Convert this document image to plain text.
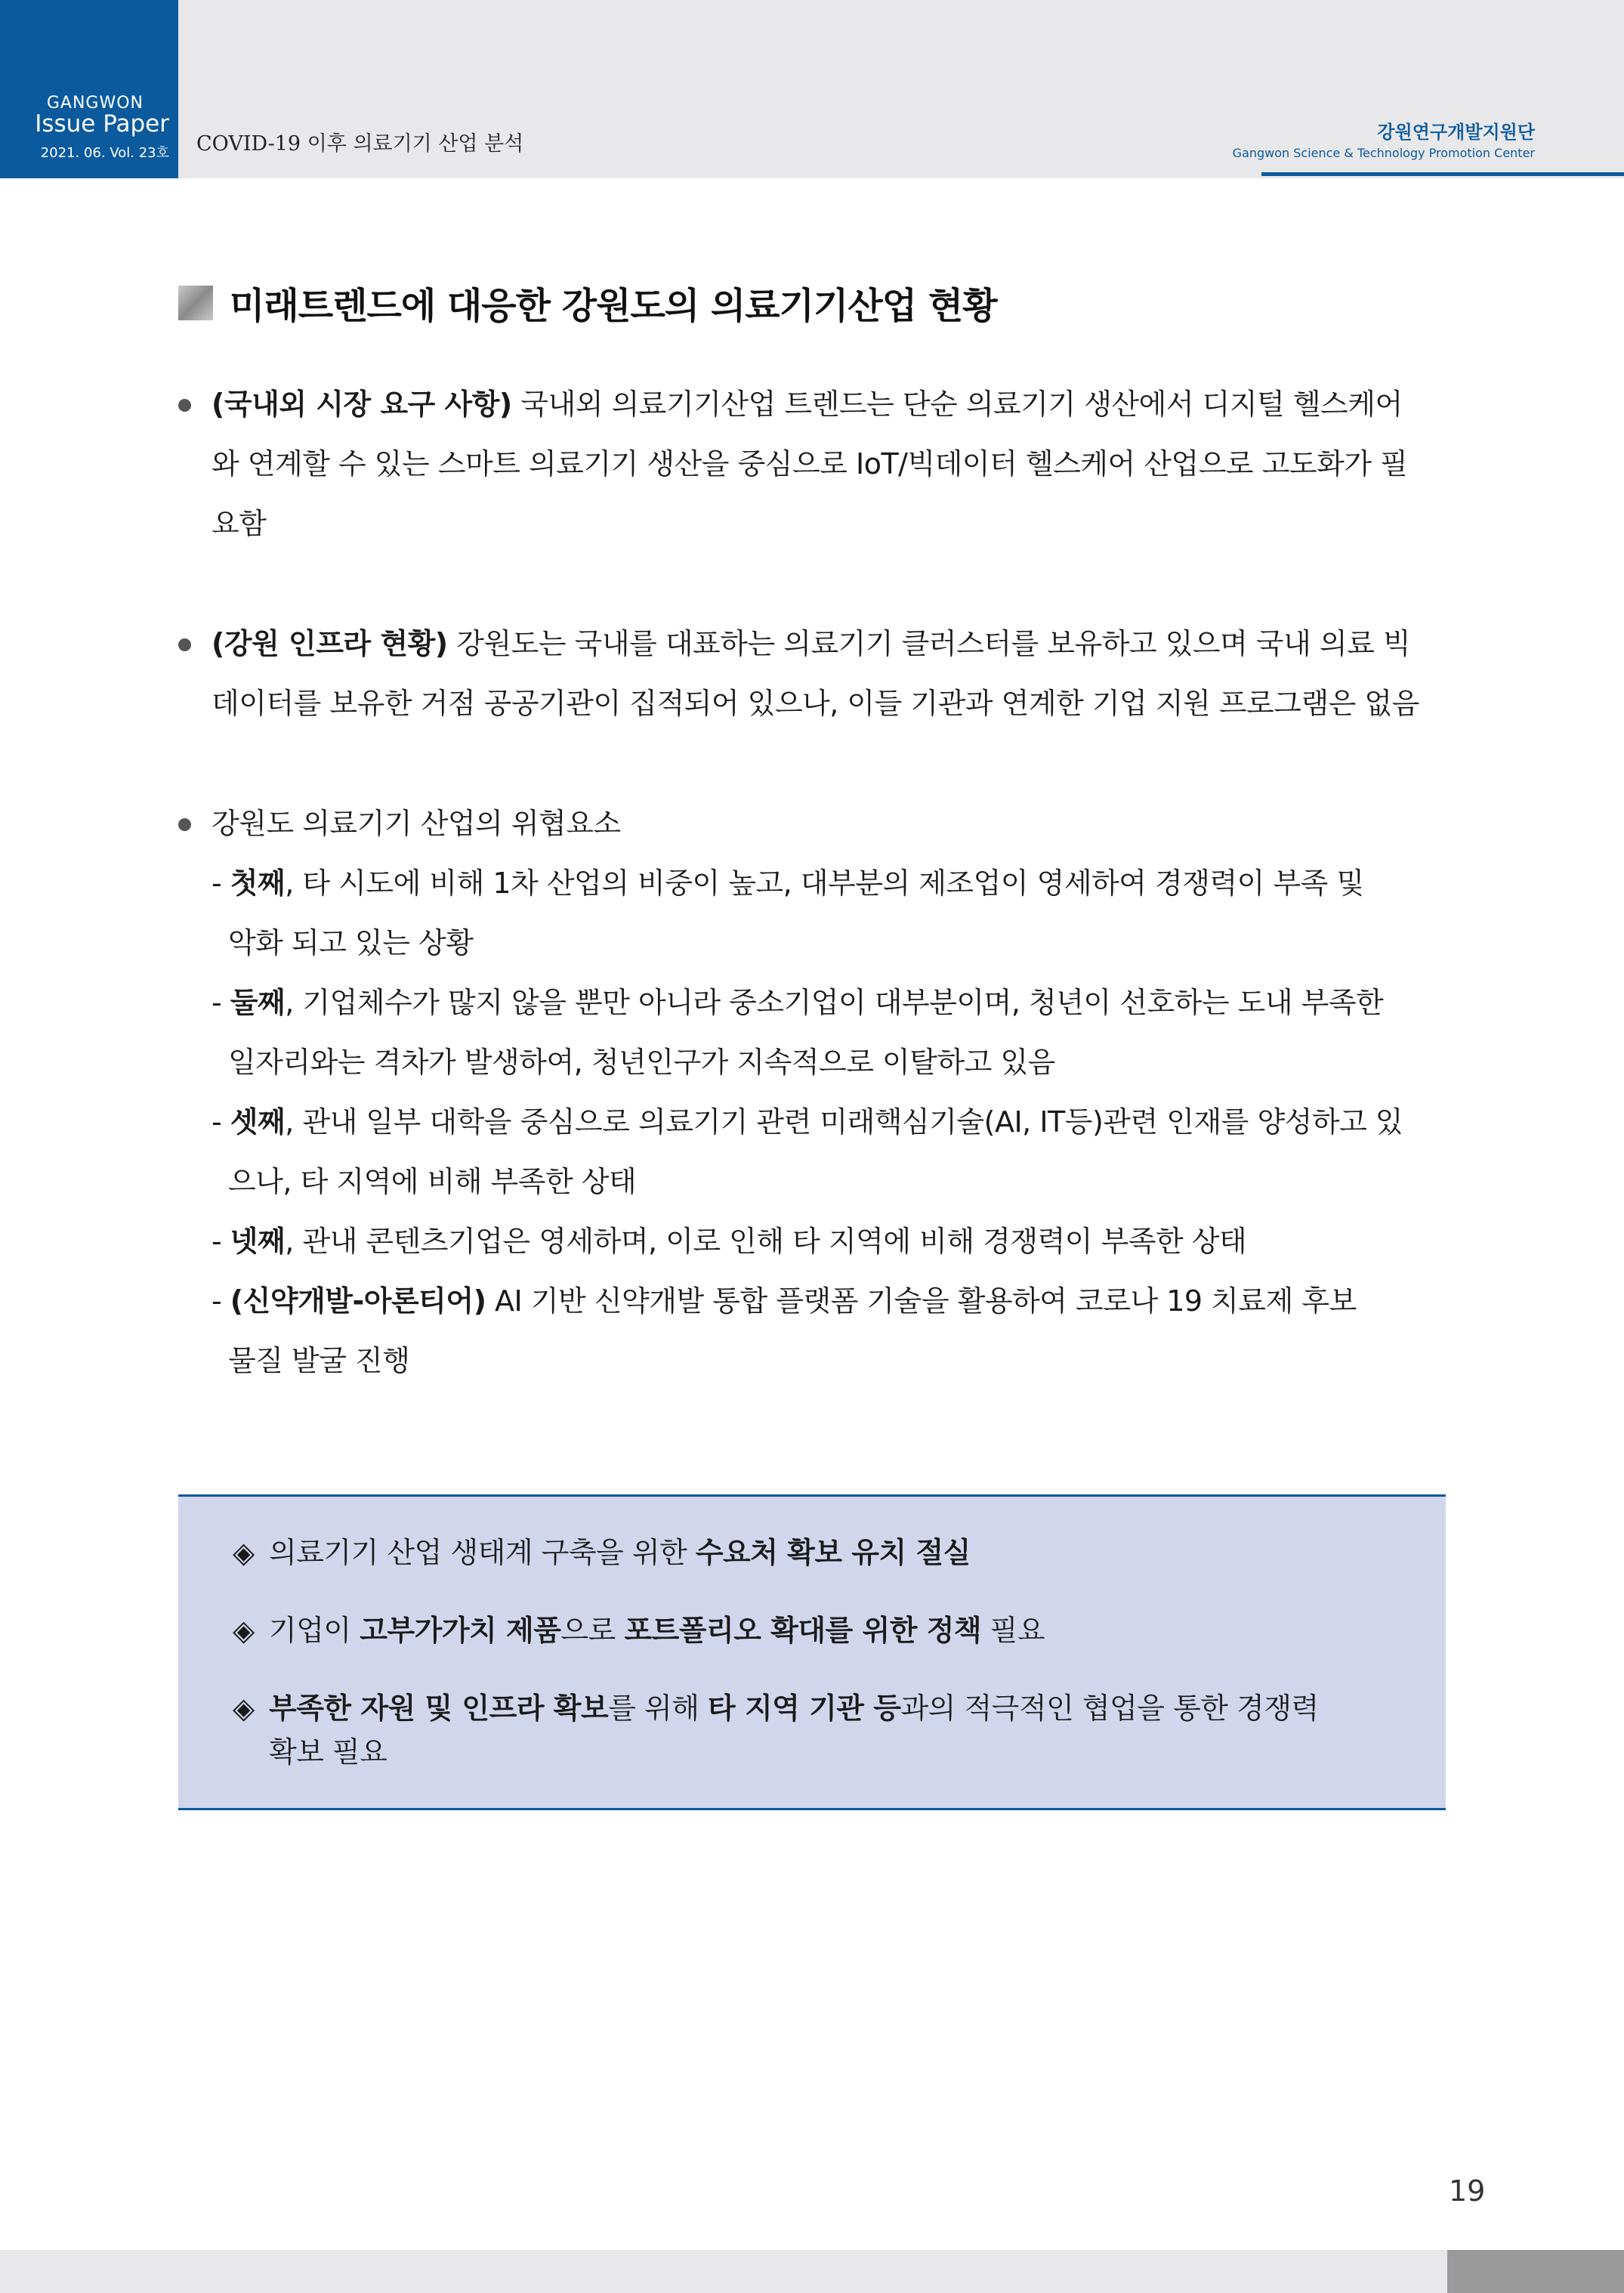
GANGWON
Issue Paper
2021. 06. Vol. 23호 COVID-19 이후 의료기기 산업 분석	강원연구개발지원단
Gangwon Science & Technology Promotion Center
미래트렌드에 대응한 강원도의 의료기기산업 현황
(국내외 시장 요구 사항) 국내외 의료기기산업 트렌드는 단순 의료기기 생산에서 디지털 헬스케어
와 연계할 수 있는 스마트 의료기기 생산을 중심으로 IoT/빅데이터 헬스케어 산업으로 고도화가 필
요함
(강원 인프라 현황) 강원도는 국내를 대표하는 의료기기 클러스터를 보유하고 있으며 국내 의료 빅
데이터를 보유한 거점 공공기관이 집적되어 있으나, 이들 기관과 연계한 기업 지원 프로그램은 없음
강원도 의료기기 산업의 위협요소
- 첫째, 타 시도에 비해 1차 산업의 비중이 높고, 대부분의 제조업이 영세하여 경쟁력이 부족 및
악화 되고 있는 상황
- 둘째, 기업체수가 많지 않을 뿐만 아니라 중소기업이 대부분이며, 청년이 선호하는 도내 부족한
일자리와는 격차가 발생하여, 청년인구가 지속적으로 이탈하고 있음
- 셋째, 관내 일부 대학을 중심으로 의료기기 관련 미래핵심기술(AI, IT등)관련 인재를 양성하고 있
으나, 타 지역에 비해 부족한 상태
- 넷째, 관내 콘텐츠기업은 영세하며, 이로 인해 타 지역에 비해 경쟁력이 부족한 상태
- (신약개발-아론티어) AI 기반 신약개발 통합 플랫폼 기술을 활용하여 코로나 19 치료제 후보
물질 발굴 진행
◈ 의료기기 산업 생태계 구축을 위한 수요처 확보 유치 절실
◈ 기업이 고부가가치 제품으로 포트폴리오 확대를 위한 정책 필요
◈ 부족한 자원 및 인프라 확보를 위해 타 지역 기관 등과의 적극적인 협업을 통한 경쟁력
확보 필요
19
